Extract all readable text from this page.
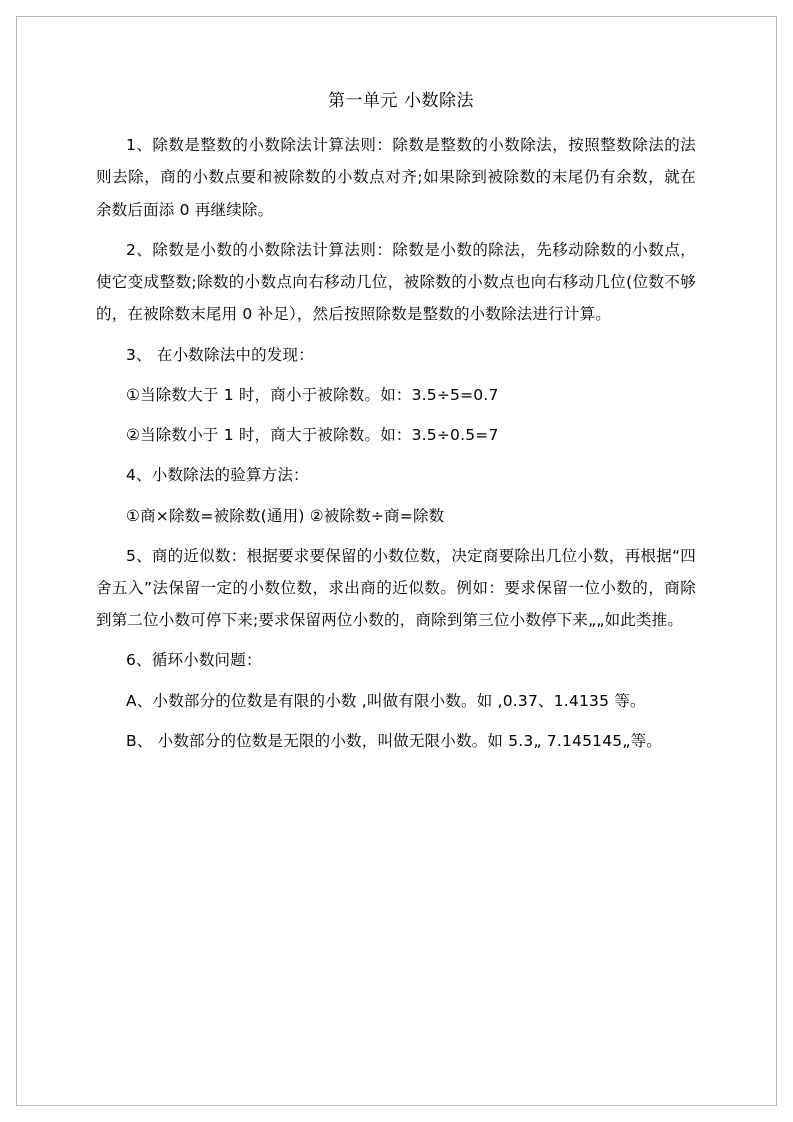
第一单元 小数除法

1、除数是整数的小数除法计算法则：除数是整数的小数除法，按照整数除法的法则去除，商的小数点要和被除数的小数点对齐;如果除到被除数的末尾仍有余数，就在余数后面添 0 再继续除。

2、除数是小数的小数除法计算法则：除数是小数的除法，先移动除数的小数点，使它变成整数;除数的小数点向右移动几位，被除数的小数点也向右移动几位(位数不够的，在被除数末尾用 0 补足），然后按照除数是整数的小数除法进行计算。

3、 在小数除法中的发现：

①当除数大于 1 时，商小于被除数。如：3.5÷5=0.7

②当除数小于 1 时，商大于被除数。如：3.5÷0.5=7

4、小数除法的验算方法：

①商×除数=被除数(通用) ②被除数÷商=除数

5、商的近似数：根据要求要保留的小数位数，决定商要除出几位小数，再根据“四舍五入”法保留一定的小数位数，求出商的近似数。例如：要求保留一位小数的，商除到第二位小数可停下来;要求保留两位小数的，商除到第三位小数停下来„„如此类推。

6、循环小数问题：

A、小数部分的位数是有限的小数 ,叫做有限小数。如 ,0.37、1.4135 等。

B、 小数部分的位数是无限的小数，叫做无限小数。如 5.3„ 7.145145„等。
